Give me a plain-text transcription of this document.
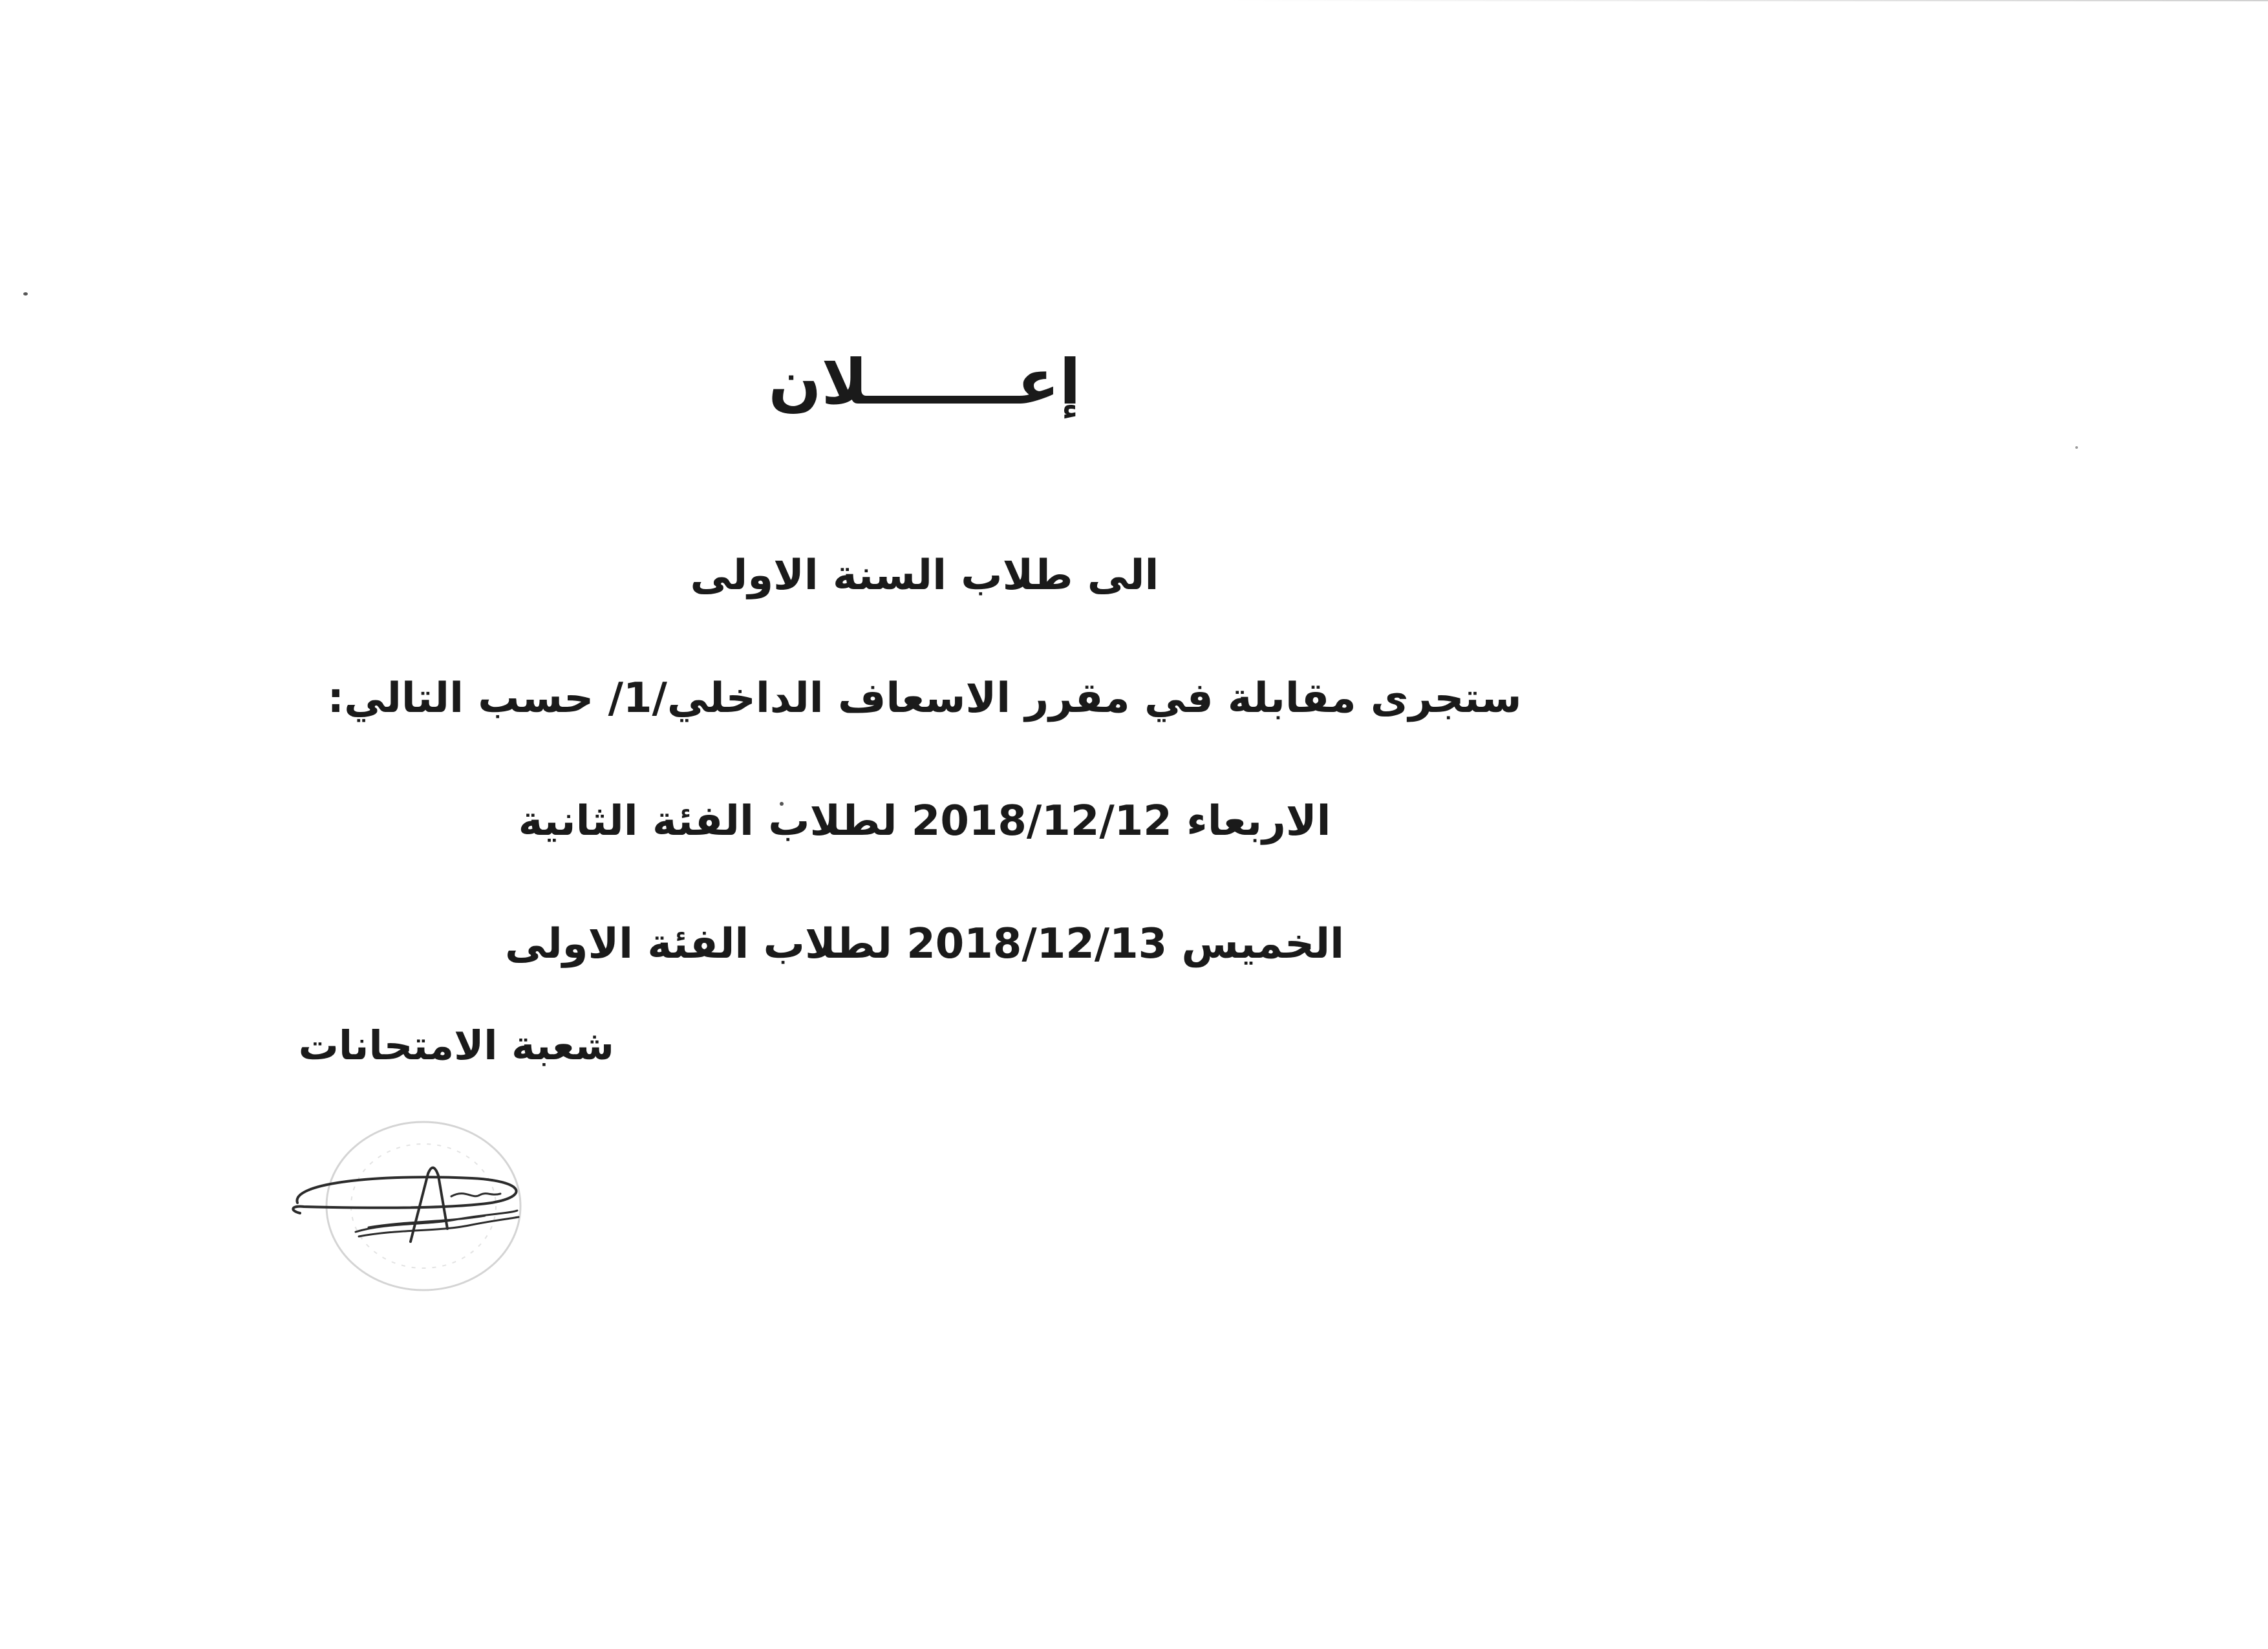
إعـــــــلان
الى طلاب السنة الاولى
ستجرى مقابلة في مقرر الاسعاف الداخلي/1/ حسب التالي:
الاربعاء 2018/12/12 لطلاب الفئة الثانية
الخميس 2018/12/13 لطلاب الفئة الاولى
شعبة الامتحانات
